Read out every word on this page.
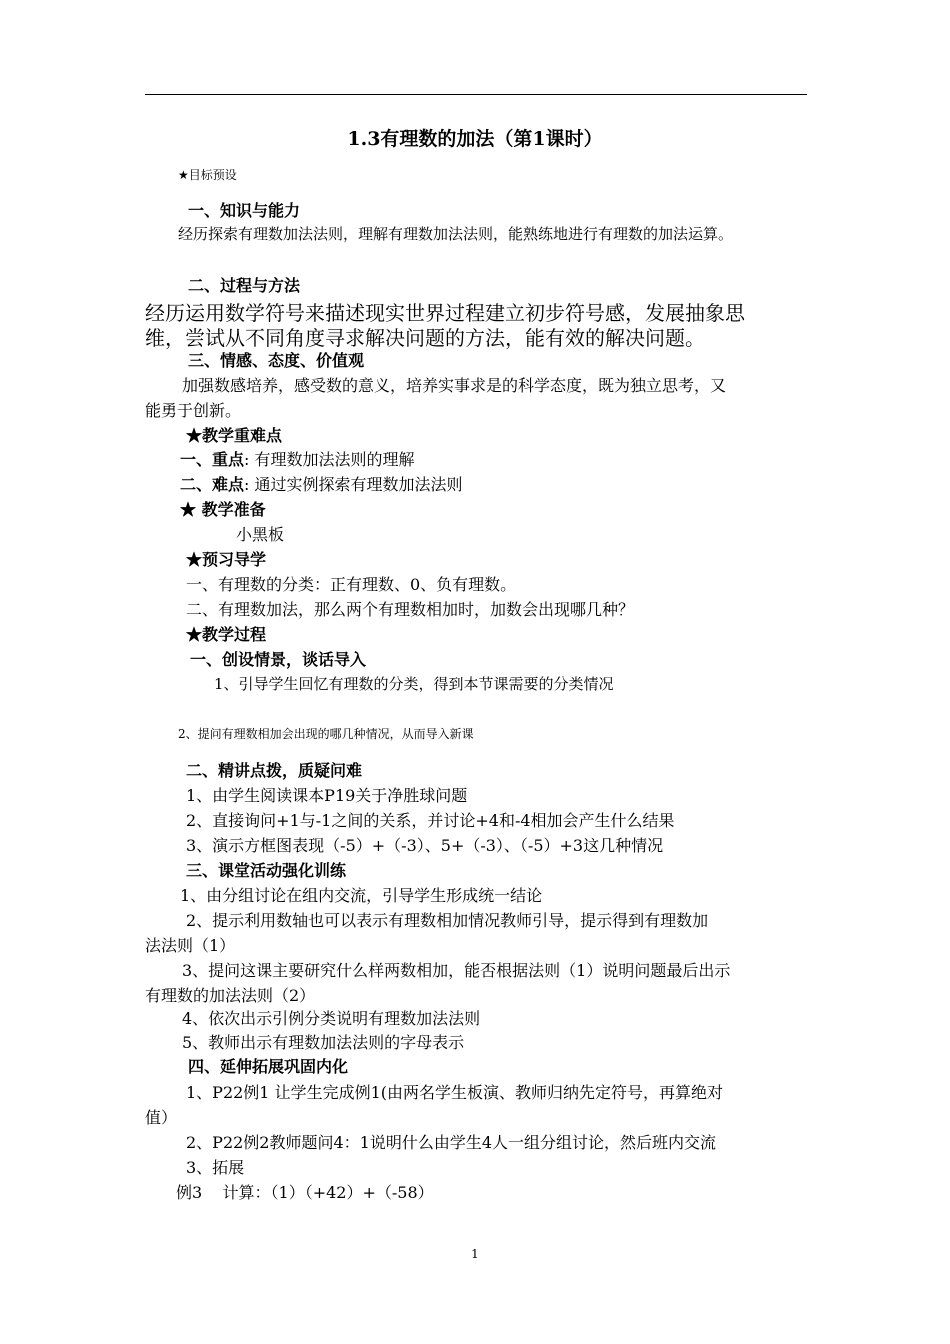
1.3有理数的加法（第1课时）
★目标预设
一、知识与能力
经历探索有理数加法法则，理解有理数加法法则，能熟练地进行有理数的加法运算。
二、过程与方法
经历运用数学符号来描述现实世界过程建立初步符号感，发展抽象思
维，尝试从不同角度寻求解决问题的方法，能有效的解决问题。
三、情感、态度、价值观
加强数感培养，感受数的意义，培养实事求是的科学态度，既为独立思考，又
能勇于创新。
★教学重难点
一、重点: 有理数加法法则的理解
二、难点: 通过实例探索有理数加法法则
★ 教学准备
小黑板
★预习导学
一、有理数的分类：正有理数、0、负有理数。
二、有理数加法，那么两个有理数相加时，加数会出现哪几种？
★教学过程
一、创设情景，谈话导入
1、引导学生回忆有理数的分类，得到本节课需要的分类情况
2、提问有理数相加会出现的哪几种情况，从而导入新课
二、精讲点拨，质疑问难
1、由学生阅读课本P19关于净胜球问题
2、直接询问+1与-1之间的关系，并讨论+4和-4相加会产生什么结果
3、演示方框图表现（-5）+（-3）、5+（-3）、（-5）+3这几种情况
三、课堂活动强化训练
1、由分组讨论在组内交流，引导学生形成统一结论
2、提示利用数轴也可以表示有理数相加情况教师引导，提示得到有理数加
法法则（1）
3、提问这课主要研究什么样两数相加，能否根据法则（1）说明问题最后出示
有理数的加法法则（2）
4、依次出示引例分类说明有理数加法法则
5、教师出示有理数加法法则的字母表示
四、延伸拓展巩固内化
1、P22例1 让学生完成例1(由两名学生板演、教师归纳先定符号，再算绝对
值）
2、P22例2教师题问4：1说明什么由学生4人一组分组讨论，然后班内交流
3、拓展
例3    计算：（1）（+42）+（-58）
1
